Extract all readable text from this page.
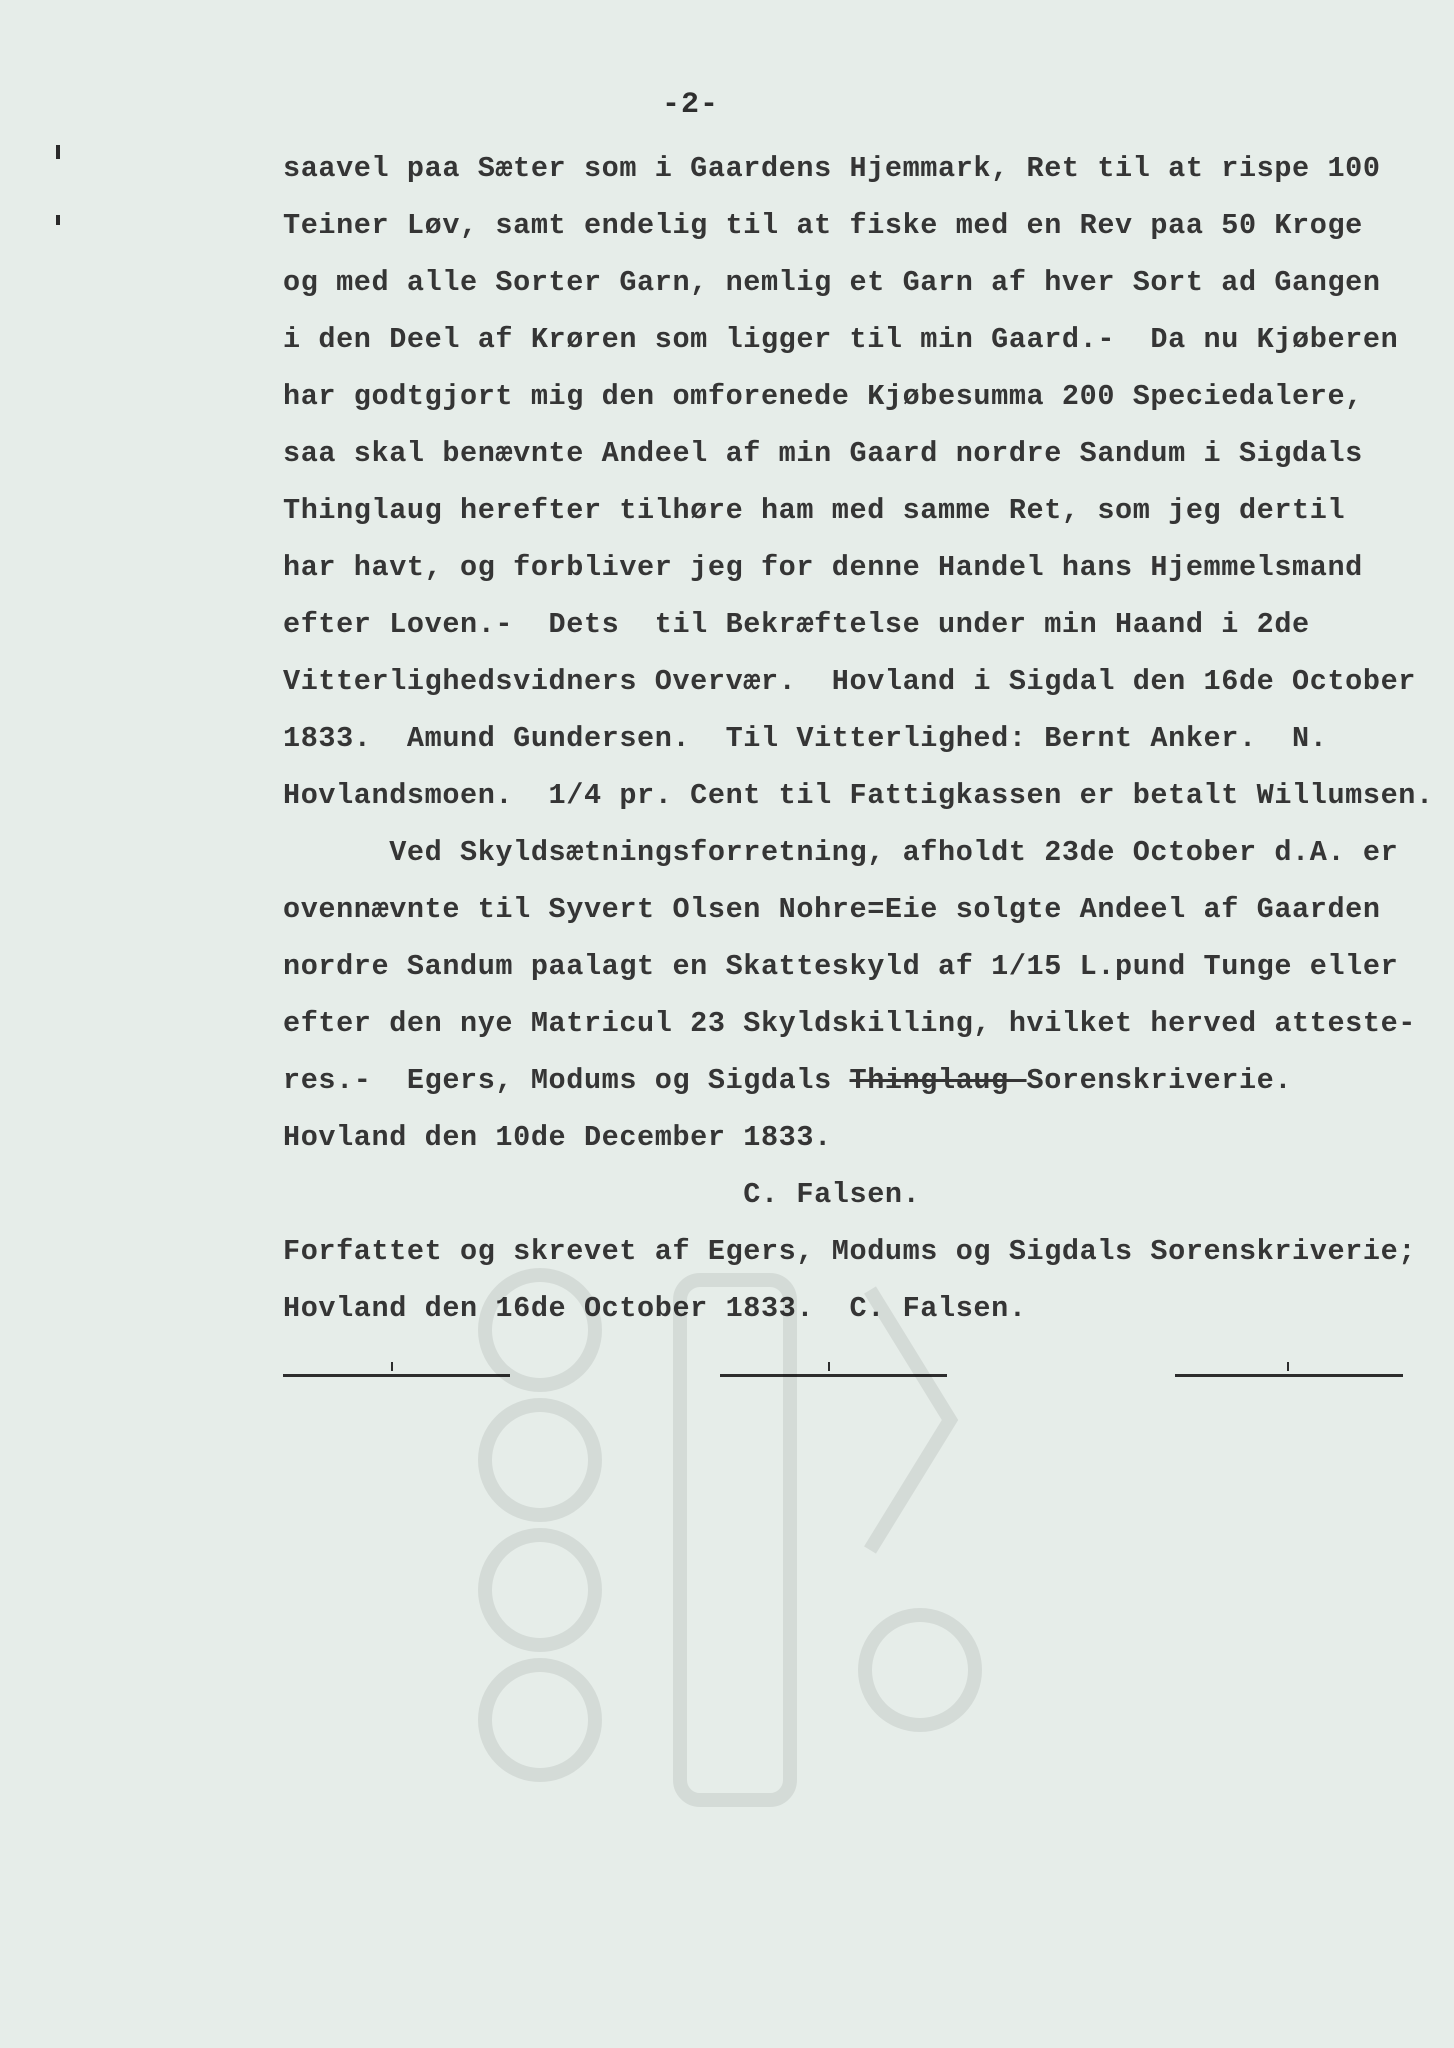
-2-
saavel paa Sæter som i Gaardens Hjemmark, Ret til at rispe 100
Teiner Løv, samt endelig til at fiske med en Rev paa 50 Kroge
og med alle Sorter Garn, nemlig et Garn af hver Sort ad Gangen
i den Deel af Krøren som ligger til min Gaard.-  Da nu Kjøberen
har godtgjort mig den omforenede Kjøbesumma 200 Speciedalere,
saa skal benævnte Andeel af min Gaard nordre Sandum i Sigdals
Thinglaug herefter tilhøre ham med samme Ret, som jeg dertil
har havt, og forbliver jeg for denne Handel hans Hjemmelsmand
efter Loven.-  Dets  til Bekræftelse under min Haand i 2de
Vitterlighedsvidners Overvær.  Hovland i Sigdal den 16de October
1833.  Amund Gundersen.  Til Vitterlighed: Bernt Anker.  N.
Hovlandsmoen.  1/4 pr. Cent til Fattigkassen er betalt Willumsen.
Ved Skyldsætningsforretning, afholdt 23de October d.A. er
ovennævnte til Syvert Olsen Nohre=Eie solgte Andeel af Gaarden
nordre Sandum paalagt en Skatteskyld af 1/15 L.pund Tunge eller
efter den nye Matricul 23 Skyldskilling, hvilket herved atteste-
res.-  Egers, Modums og Sigdals Thinglaug Sorenskriverie.
Hovland den 10de December 1833.
C. Falsen.
Forfattet og skrevet af Egers, Modums og Sigdals Sorenskriverie;
Hovland den 16de October 1833.  C. Falsen.
